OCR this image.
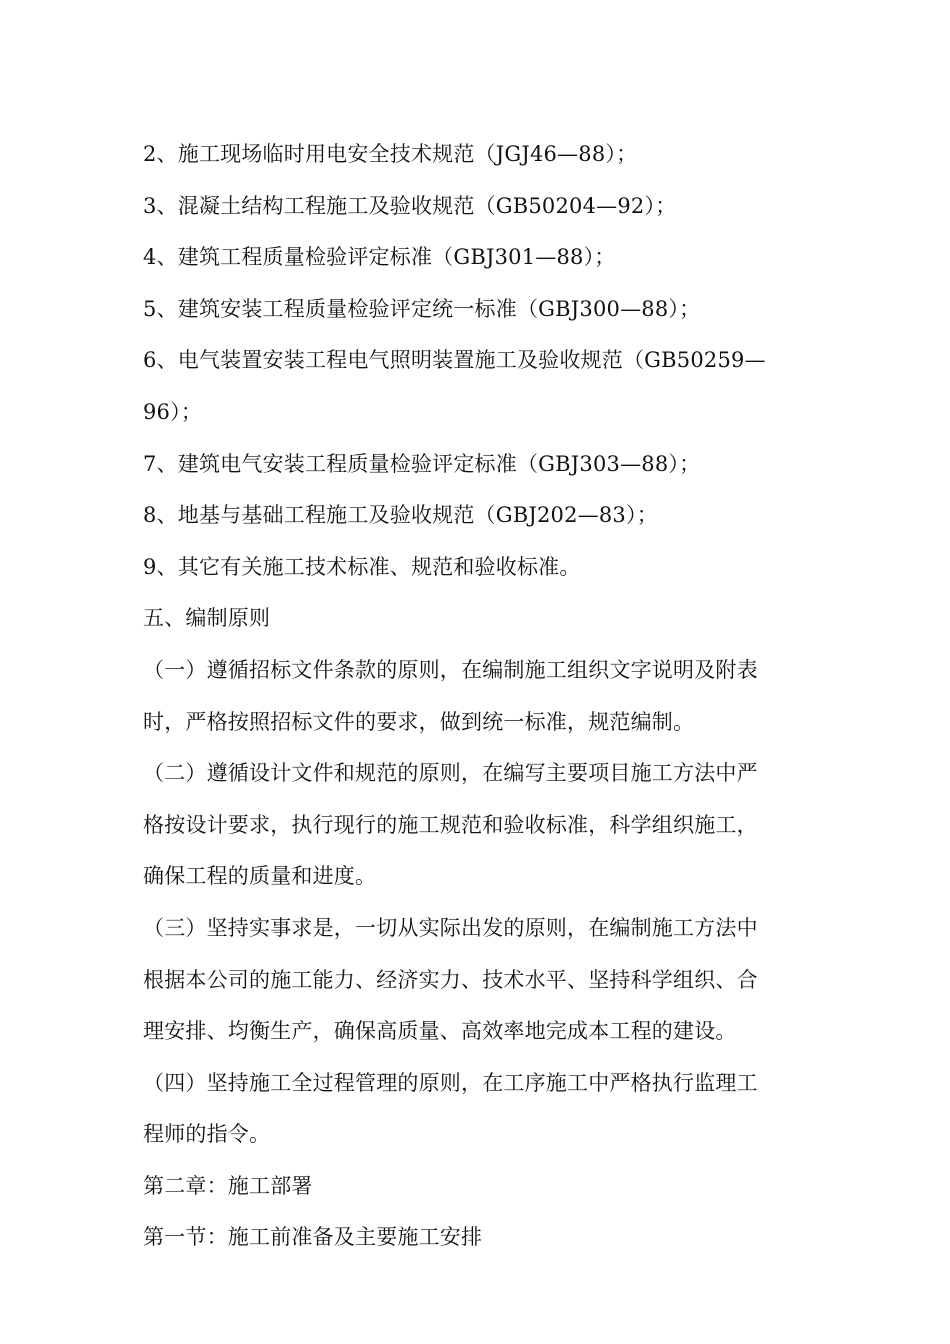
2、施工现场临时用电安全技术规范（JGJ46—88）；
3、混凝土结构工程施工及验收规范（GB50204—92）；
4、建筑工程质量检验评定标准（GBJ301—88）；
5、建筑安装工程质量检验评定统一标准（GBJ300—88）；
6、电气装置安装工程电气照明装置施工及验收规范（GB50259—
96）；
7、建筑电气安装工程质量检验评定标准（GBJ303—88）；
8、地基与基础工程施工及验收规范（GBJ202—83）；
9、其它有关施工技术标准、规范和验收标准。
五、编制原则
（一）遵循招标文件条款的原则，在编制施工组织文字说明及附表
时，严格按照招标文件的要求，做到统一标准，规范编制。
（二）遵循设计文件和规范的原则，在编写主要项目施工方法中严
格按设计要求，执行现行的施工规范和验收标准，科学组织施工，
确保工程的质量和进度。
（三）坚持实事求是，一切从实际出发的原则，在编制施工方法中
根据本公司的施工能力、经济实力、技术水平、坚持科学组织、合
理安排、均衡生产，确保高质量、高效率地完成本工程的建设。
（四）坚持施工全过程管理的原则，在工序施工中严格执行监理工
程师的指令。
第二章：施工部署
第一节：施工前准备及主要施工安排
